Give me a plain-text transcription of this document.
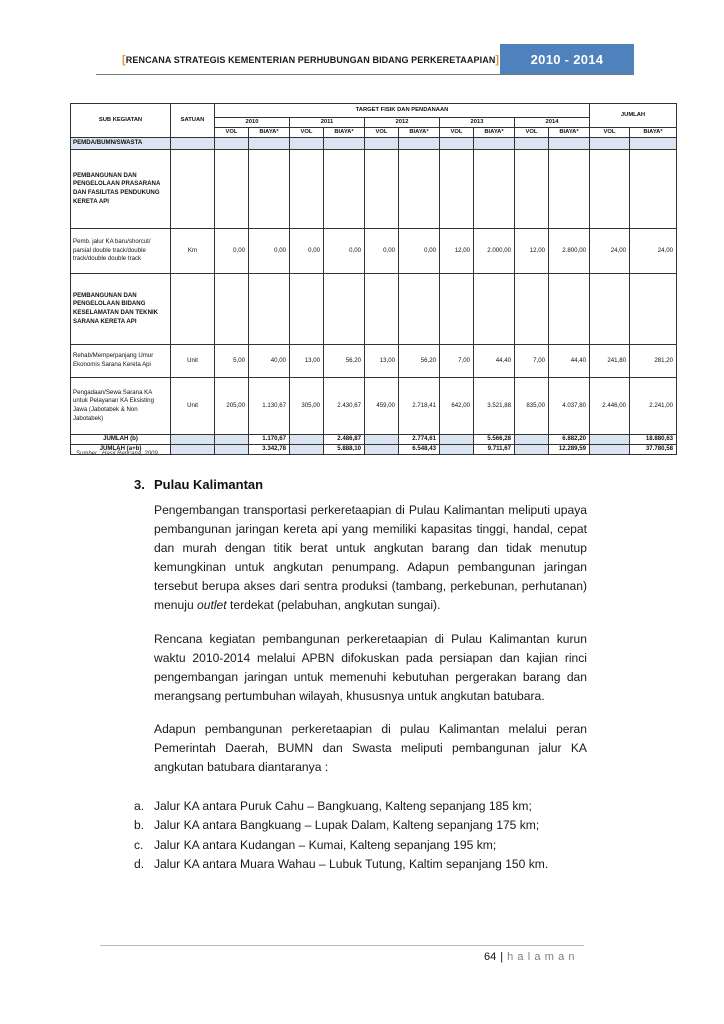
[RENCANA STRATEGIS KEMENTERIAN PERHUBUNGAN BIDANG PERKERETAAPIAN]	2010 - 2014
SUB KEGIATAN	SATUAN	TARGET FISIK DAN PENDANAAN										JUMLAH	
		2010		2011		2012		2013		2014			
		VOL	BIAYA*	VOL	BIAYA*	VOL	BIAYA*	VOL	BIAYA*	VOL	BIAYA*	VOL	BIAYA*
PEMDA/BUMN/SWASTA													
PEMBANGUNAN DAN PENGELOLAAN PRASARANA DAN FASILITAS PENDUKUNG KERETA API													
Pemb. jalur KA baru/shorcut/ parsial double track/double track/double double track	Km	0,00	0,00	0,00	0,00	0,00	0,00	12,00	2.000,00	12,00	2.800,00	24,00	24,00
PEMBANGUNAN DAN PENGELOLAAN BIDANG KESELAMATAN DAN TEKNIK SARANA KERETA API													
Rehab/Memperpanjang Umur Ekonomis Sarana Kereta Api	Unit	5,00	40,00	13,00	56,20	13,00	56,20	7,00	44,40	7,00	44,40	241,80	281,20
Pengadaan/Sewa Sarana KA untuk Pelayanan KA Eksisting Jawa (Jabotabek & Non Jabotabek)	Unit	205,00	1.130,67	305,00	2.430,67	459,00	2.718,41	642,00	3.521,88	835,00	4.037,80	2.446,00	2.241,00
JUMLAH (b)			1.170,67		2.486,87		2.774,61		5.566,28		6.882,20		18.880,63
JUMLAH (a+b)			3.342,78		5.888,10		6.548,43		9.711,67		12.289,59		37.780,58
Sumber : Hasil Rencana, 2009
3. Pulau Kalimantan

Pengembangan transportasi perkeretaapian di Pulau Kalimantan meliputi upaya
pembangunan jaringan kereta api yang memiliki kapasitas tinggi, handal, cepat
dan murah dengan titik berat untuk angkutan barang dan tidak menutup
kemungkinan untuk angkutan penumpang. Adapun pembangunan jaringan
tersebut berupa akses dari sentra produksi (tambang, perkebunan, perhutanan)
menuju outlet terdekat (pelabuhan, angkutan sungai).

Rencana kegiatan pembangunan perkeretaapian di Pulau Kalimantan kurun
waktu 2010-2014 melalui APBN difokuskan pada persiapan dan kajian rinci
pengembangan jaringan untuk memenuhi kebutuhan pergerakan barang dan
merangsang pertumbuhan wilayah, khususnya untuk angkutan batubara.

Adapun pembangunan perkeretaapian di pulau Kalimantan melalui peran
Pemerintah Daerah, BUMN dan Swasta meliputi pembangunan jalur KA
angkutan batubara diantaranya :

a. Jalur KA antara Puruk Cahu – Bangkuang, Kalteng sepanjang 185 km;
b. Jalur KA antara Bangkuang – Lupak Dalam, Kalteng sepanjang 175 km;
c. Jalur KA antara Kudangan – Kumai, Kalteng sepanjang 195 km;
d. Jalur KA antara Muara Wahau – Lubuk Tutung, Kaltim sepanjang 150 km.
64 | halaman
